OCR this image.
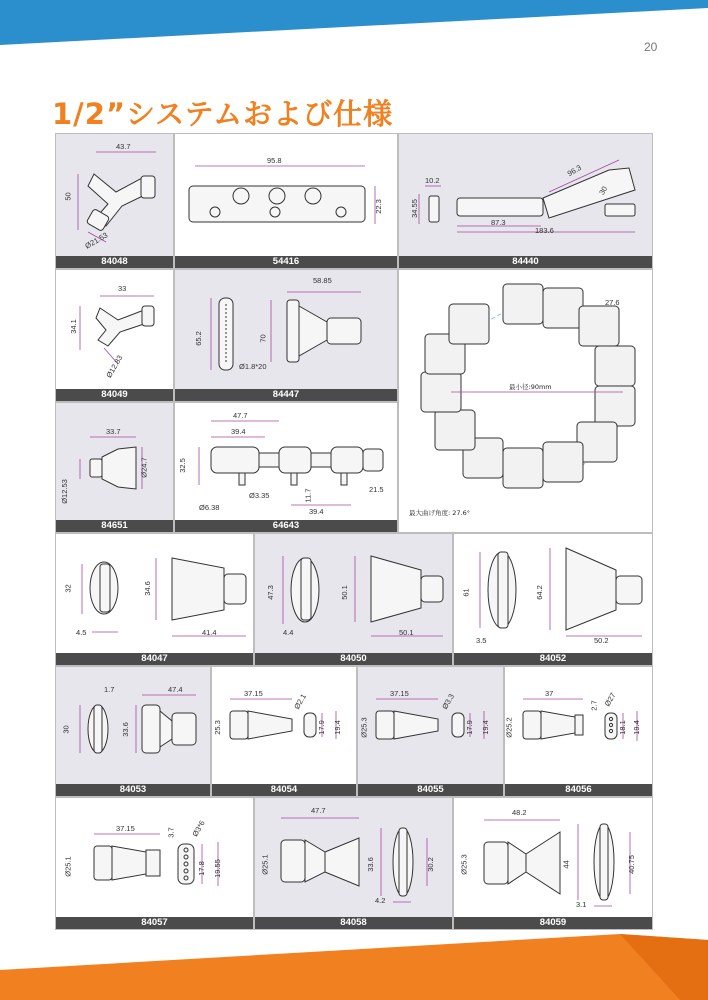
20
1/2”システムおよび仕様
43.7
50
Ø21.53
84048
95.8
22.3
54416
10.2
34.55
87.3
183.6
96.3
30
84440
33
34.1
Ø12.83
84049
58.85
65.2	70
Ø1.8*20
84447
27.6
最小径:90mm
最大曲げ角度: 27.6°
33.7
Ø24.7
Ø12.53
84651
47.7
39.4
32.5
Ø3.35
Ø6.38
11.7
39.4
21.5
64643
32	34.6
4.5	41.4
84047
47.3	50.1
4.4	50.1
84050
61	64.2
3.5	50.2
84052
1.7	47.4
30	33.6
84053
37.15
25.3
Ø2.1
17.9 19.4
84054
37.15
Ø25.3
Ø3.3
17.9 19.4
84055
37
2.7 Ø27
Ø25.2	18.1 19.4
84056
37.15	3.7 Ø3*6
Ø25.1	17.8 19.55
84057
47.7
Ø25.1	33.6	30.2
4.2
84058
48.2
Ø25.3	44	40.75
3.1
84059
